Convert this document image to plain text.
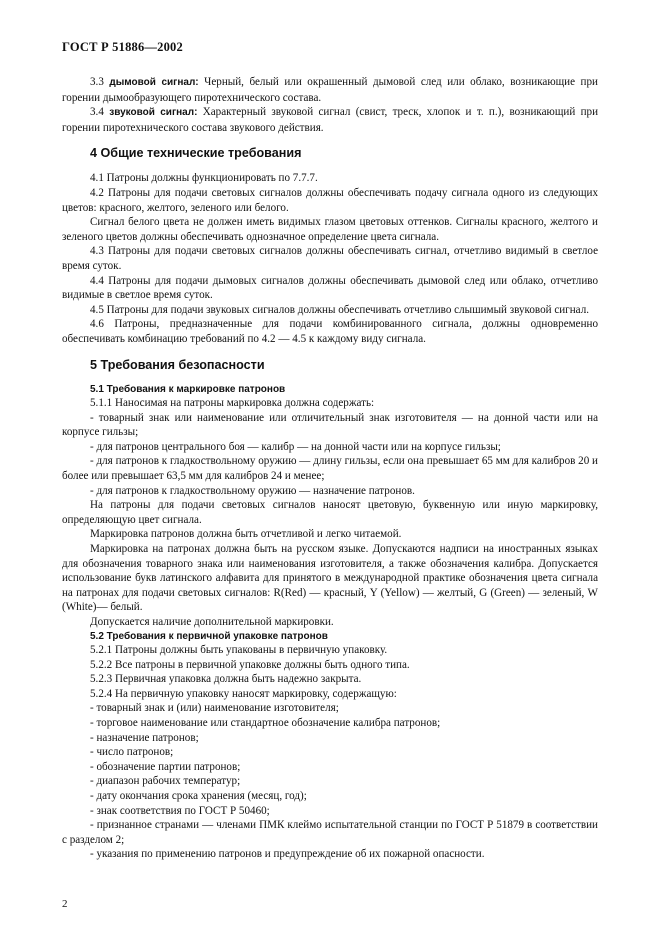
ГОСТ Р 51886—2002

3.3 дымовой сигнал: Черный, белый или окрашенный дымовой след или облако, возникающие при горении дымообразующего пиротехнического состава.

3.4 звуковой сигнал: Характерный звуковой сигнал (свист, треск, хлопок и т. п.), возникающий при горении пиротехнического состава звукового действия.

4 Общие технические требования

4.1 Патроны должны функционировать по 7.7.7.

4.2 Патроны для подачи световых сигналов должны обеспечивать подачу сигнала одного из следующих цветов: красного, желтого, зеленого или белого.

Сигнал белого цвета не должен иметь видимых глазом цветовых оттенков. Сигналы красного, желтого и зеленого цветов должны обеспечивать однозначное определение цвета сигнала.

4.3 Патроны для подачи световых сигналов должны обеспечивать сигнал, отчетливо видимый в светлое время суток.

4.4 Патроны для подачи дымовых сигналов должны обеспечивать дымовой след или облако, отчетливо видимые в светлое время суток.

4.5 Патроны для подачи звуковых сигналов должны обеспечивать отчетливо слышимый звуковой сигнал.

4.6 Патроны, предназначенные для подачи комбинированного сигнала, должны одновременно обеспечивать комбинацию требований по 4.2 — 4.5 к каждому виду сигнала.

5 Требования безопасности
5.1 Требования к маркировке патронов

5.1.1 Наносимая на патроны маркировка должна содержать:

- товарный знак или наименование или отличительный знак изготовителя — на донной части или на корпусе гильзы;

- для патронов центрального боя — калибр — на донной части или на корпусе гильзы;

- для патронов к гладкоствольному оружию — длину гильзы, если она превышает 65 мм для калибров 20 и более или превышает 63,5 мм для калибров 24 и менее;

- для патронов к гладкоствольному оружию — назначение патронов.

На патроны для подачи световых сигналов наносят цветовую, буквенную или иную маркировку, определяющую цвет сигнала.

Маркировка патронов должна быть отчетливой и легко читаемой.

Маркировка на патронах должна быть на русском языке. Допускаются надписи на иностранных языках для обозначения товарного знака или наименования изготовителя, а также обозначения калибра. Допускается использование букв латинского алфавита для принятого в международной практике обозначения цвета сигнала на патронах для подачи световых сигналов: R(Red) — красный, Y (Yellow) — желтый, G (Green) — зеленый, W (White)— белый.

Допускается наличие дополнительной маркировки.

5.2 Требования к первичной упаковке патронов

5.2.1 Патроны должны быть упакованы в первичную упаковку.

5.2.2 Все патроны в первичной упаковке должны быть одного типа.

5.2.3 Первичная упаковка должна быть надежно закрыта.

5.2.4 На первичную упаковку наносят маркировку, содержащую:

- товарный знак и (или) наименование изготовителя;

- торговое наименование или стандартное обозначение калибра патронов;

- назначение патронов;

- число патронов;

- обозначение партии патронов;

- диапазон рабочих температур;

- дату окончания срока хранения (месяц, год);

- знак соответствия по ГОСТ Р 50460;

- признанное странами — членами ПМК клеймо испытательной станции по ГОСТ Р 51879 в соответствии с разделом 2;

- указания по применению патронов и предупреждение об их пожарной опасности.

2
